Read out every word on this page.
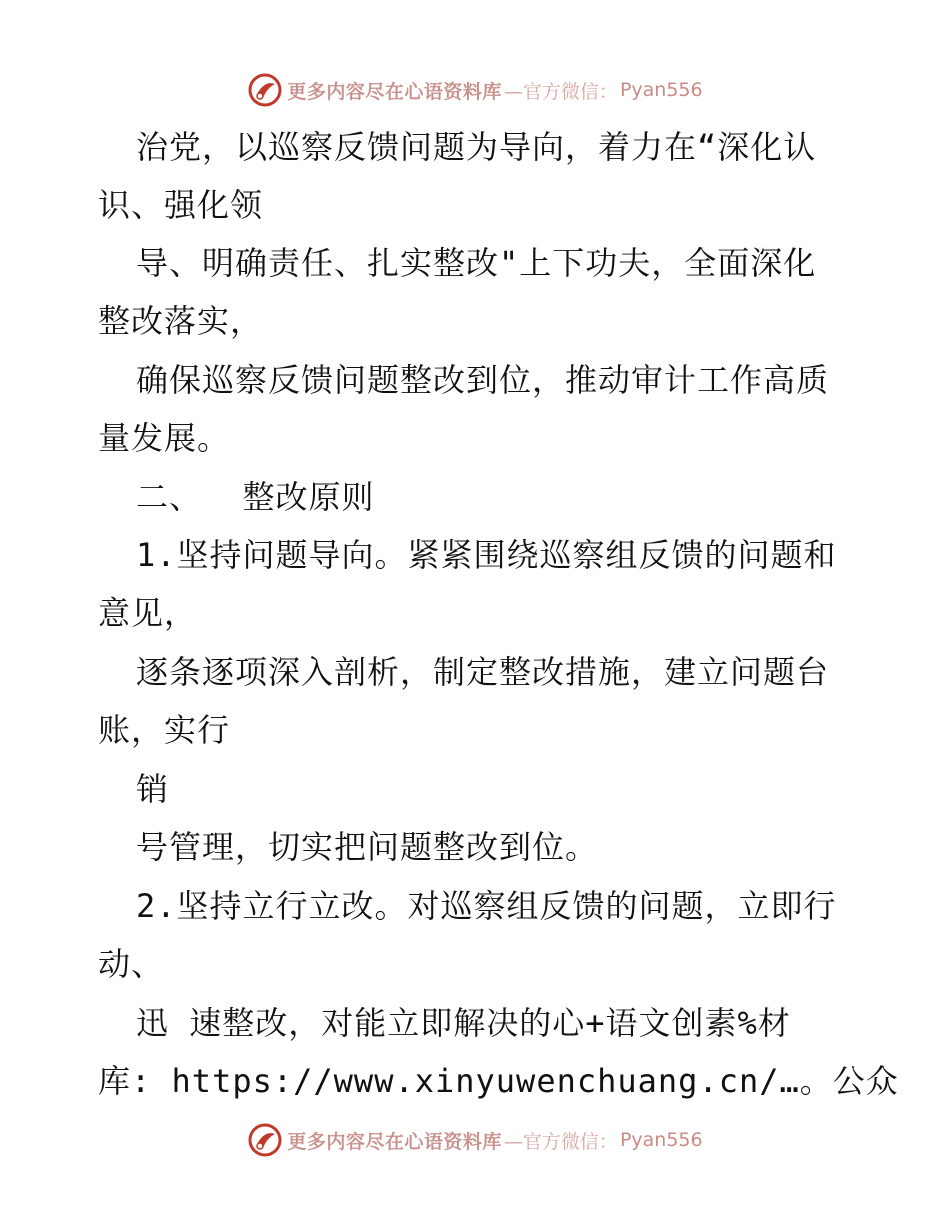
更多内容尽在心语资料库 —官方微信： Pyan556
治党，以巡察反馈问题为导向，着力在“深化认
识、强化领
导、明确责任、扎实整改"上下功夫，全面深化
整改落实，
确保巡察反馈问题整改到位，推动审计工作高质
量发展。
二、  整改原则
1.坚持问题导向。紧紧围绕巡察组反馈的问题和
意见，
逐条逐项深入剖析，制定整改措施，建立问题台
账，实行
销
号管理，切实把问题整改到位。
2.坚持立行立改。对巡察组反馈的问题，立即行
动、
迅 速整改，对能立即解决的心+语文创素%材
库: https://www.xinyuwenchuang.cn/…。公众
更多内容尽在心语资料库 —官方微信： Pyan556
